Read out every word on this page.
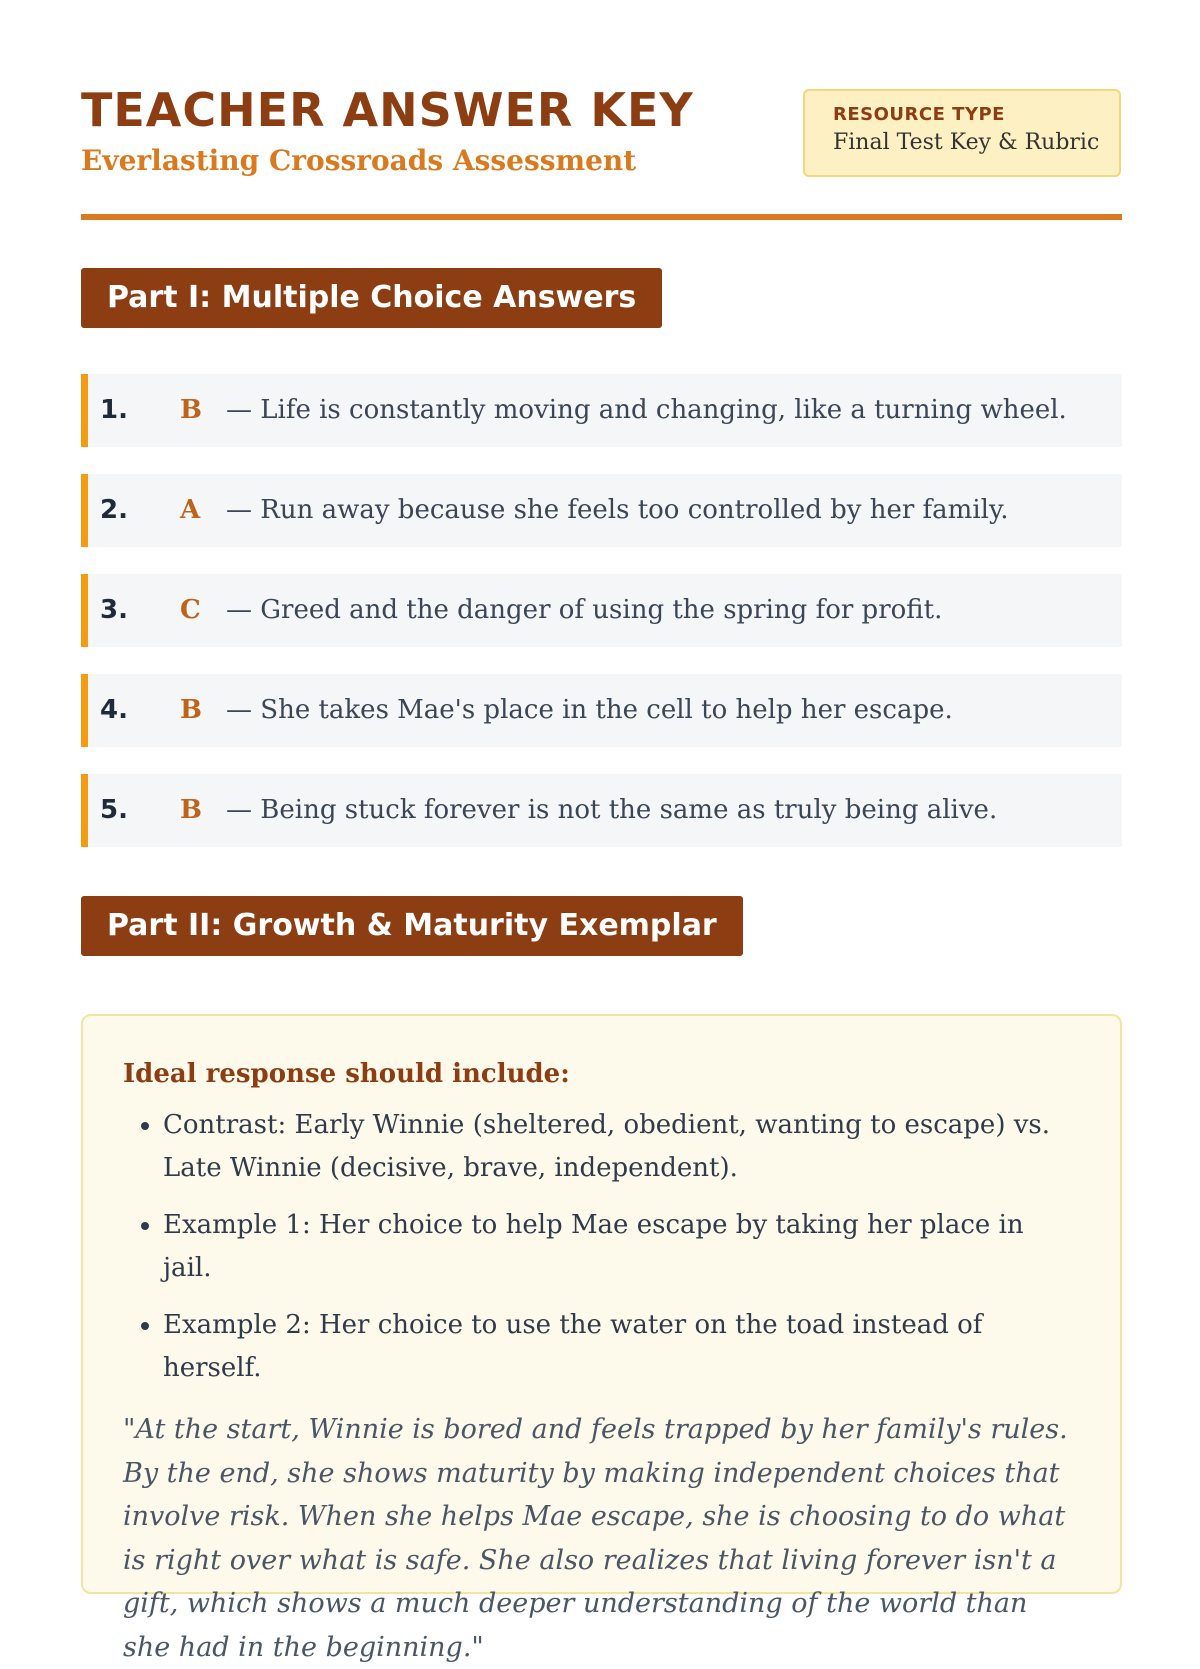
TEACHER ANSWER KEY
Everlasting Crossroads Assessment
RESOURCE TYPE
Final Test Key & Rubric
Part I: Multiple Choice Answers
1. B — Life is constantly moving and changing, like a turning wheel.
2. A — Run away because she feels too controlled by her family.
3. C — Greed and the danger of using the spring for profit.
4. B — She takes Mae's place in the cell to help her escape.
5. B — Being stuck forever is not the same as truly being alive.
Part II: Growth & Maturity Exemplar
Ideal response should include:
• Contrast: Early Winnie (sheltered, obedient, wanting to escape) vs. Late Winnie (decisive, brave, independent).
• Example 1: Her choice to help Mae escape by taking her place in jail.
• Example 2: Her choice to use the water on the toad instead of herself.
"At the start, Winnie is bored and feels trapped by her family's rules. By the end, she shows maturity by making independent choices that involve risk. When she helps Mae escape, she is choosing to do what is right over what is safe. She also realizes that living forever isn't a gift, which shows a much deeper understanding of the world than she had in the beginning."
